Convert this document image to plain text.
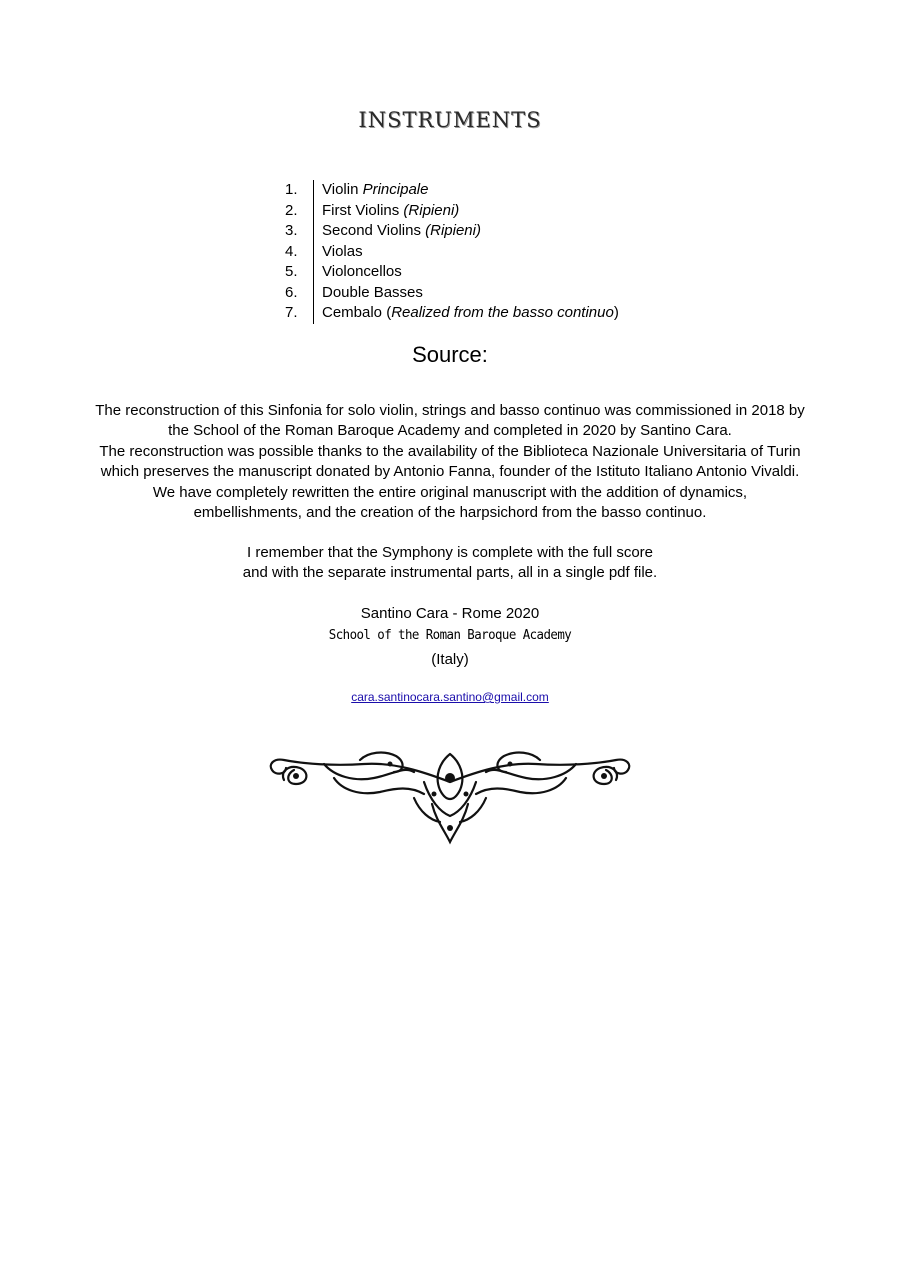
INSTRUMENTS
1.	Violin Principale
2.	First Violins (Ripieni)
3.	Second Violins (Ripieni)
4.	Violas
5.	Violoncellos
6.	Double Basses
7.	Cembalo (Realized from the basso continuo)
Source:
The reconstruction of this Sinfonia for solo violin, strings and basso continuo was commissioned in 2018 by
the School of the Roman Baroque Academy and completed in 2020 by Santino Cara.
The reconstruction was possible thanks to the availability of the Biblioteca Nazionale Universitaria of Turin
which preserves the manuscript donated by Antonio Fanna, founder of the Istituto Italiano Antonio Vivaldi.
We have completely rewritten the entire original manuscript with the addition of dynamics,
embellishments, and the creation of the harpsichord from the basso continuo.
I remember that the Symphony is complete with the full score
and with the separate instrumental parts, all in a single pdf file.
Santino Cara - Rome 2020
School of the Roman Baroque Academy
(Italy)
cara.santinocara.santino@gmail.com
